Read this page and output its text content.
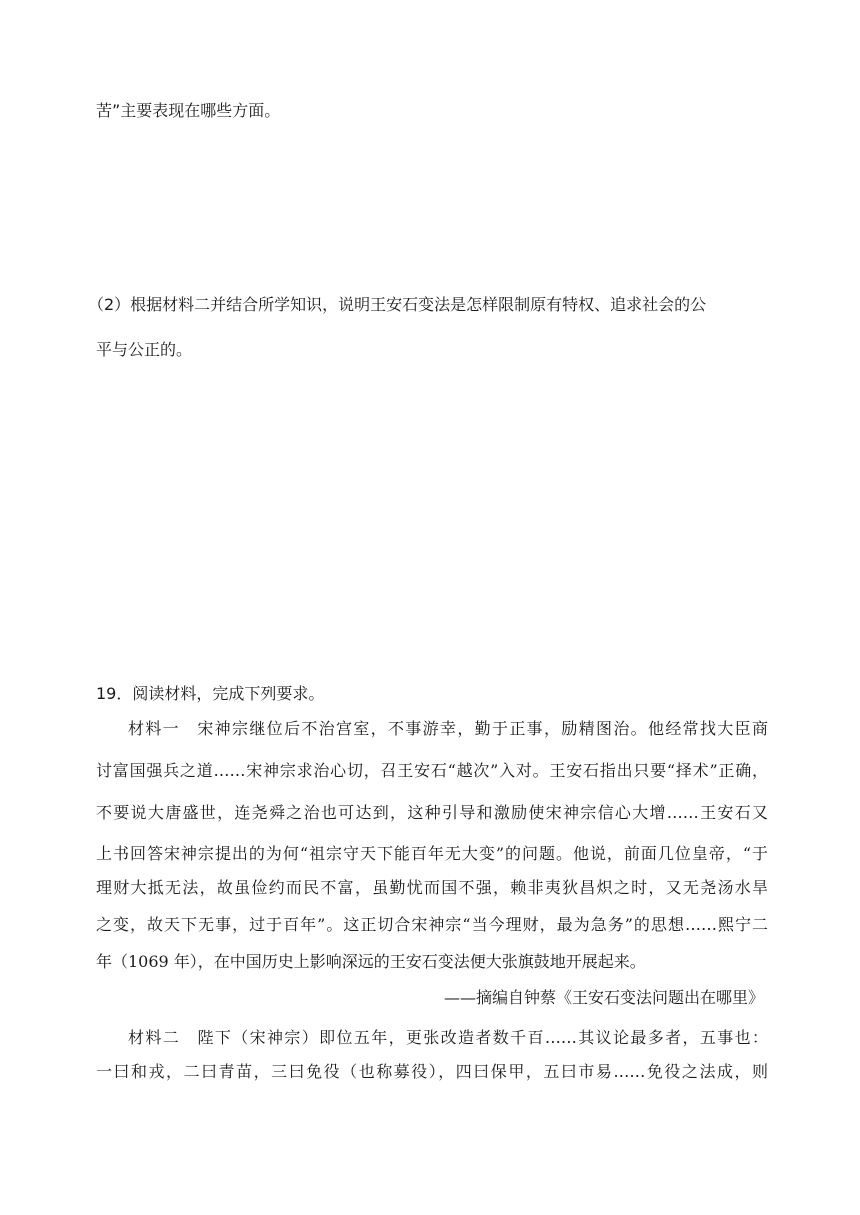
苦”主要表现在哪些方面。
（2）根据材料二并结合所学知识，说明王安石变法是怎样限制原有特权、追求社会的公
平与公正的。
19．阅读材料，完成下列要求。
材料一　宋神宗继位后不治宫室，不事游幸，勤于正事，励精图治。他经常找大臣商
讨富国强兵之道……宋神宗求治心切，召王安石“越次”入对。王安石指出只要“择术”正确，
不要说大唐盛世，连尧舜之治也可达到，这种引导和激励使宋神宗信心大增……王安石又
上书回答宋神宗提出的为何“祖宗守天下能百年无大变”的问题。他说，前面几位皇帝，“于
理财大抵无法，故虽俭约而民不富，虽勤忧而国不强，赖非夷狄昌炽之时，又无尧汤水旱
之变，故天下无事，过于百年”。这正切合宋神宗“当今理财，最为急务”的思想……熙宁二
年（1069 年），在中国历史上影响深远的王安石变法便大张旗鼓地开展起来。
——摘编自钟蔡《王安石变法问题出在哪里》
材料二　陛下（宋神宗）即位五年，更张改造者数千百……其议论最多者，五事也：
一曰和戎，二曰青苗，三曰免役（也称募役），四曰保甲，五曰市易……免役之法成，则
